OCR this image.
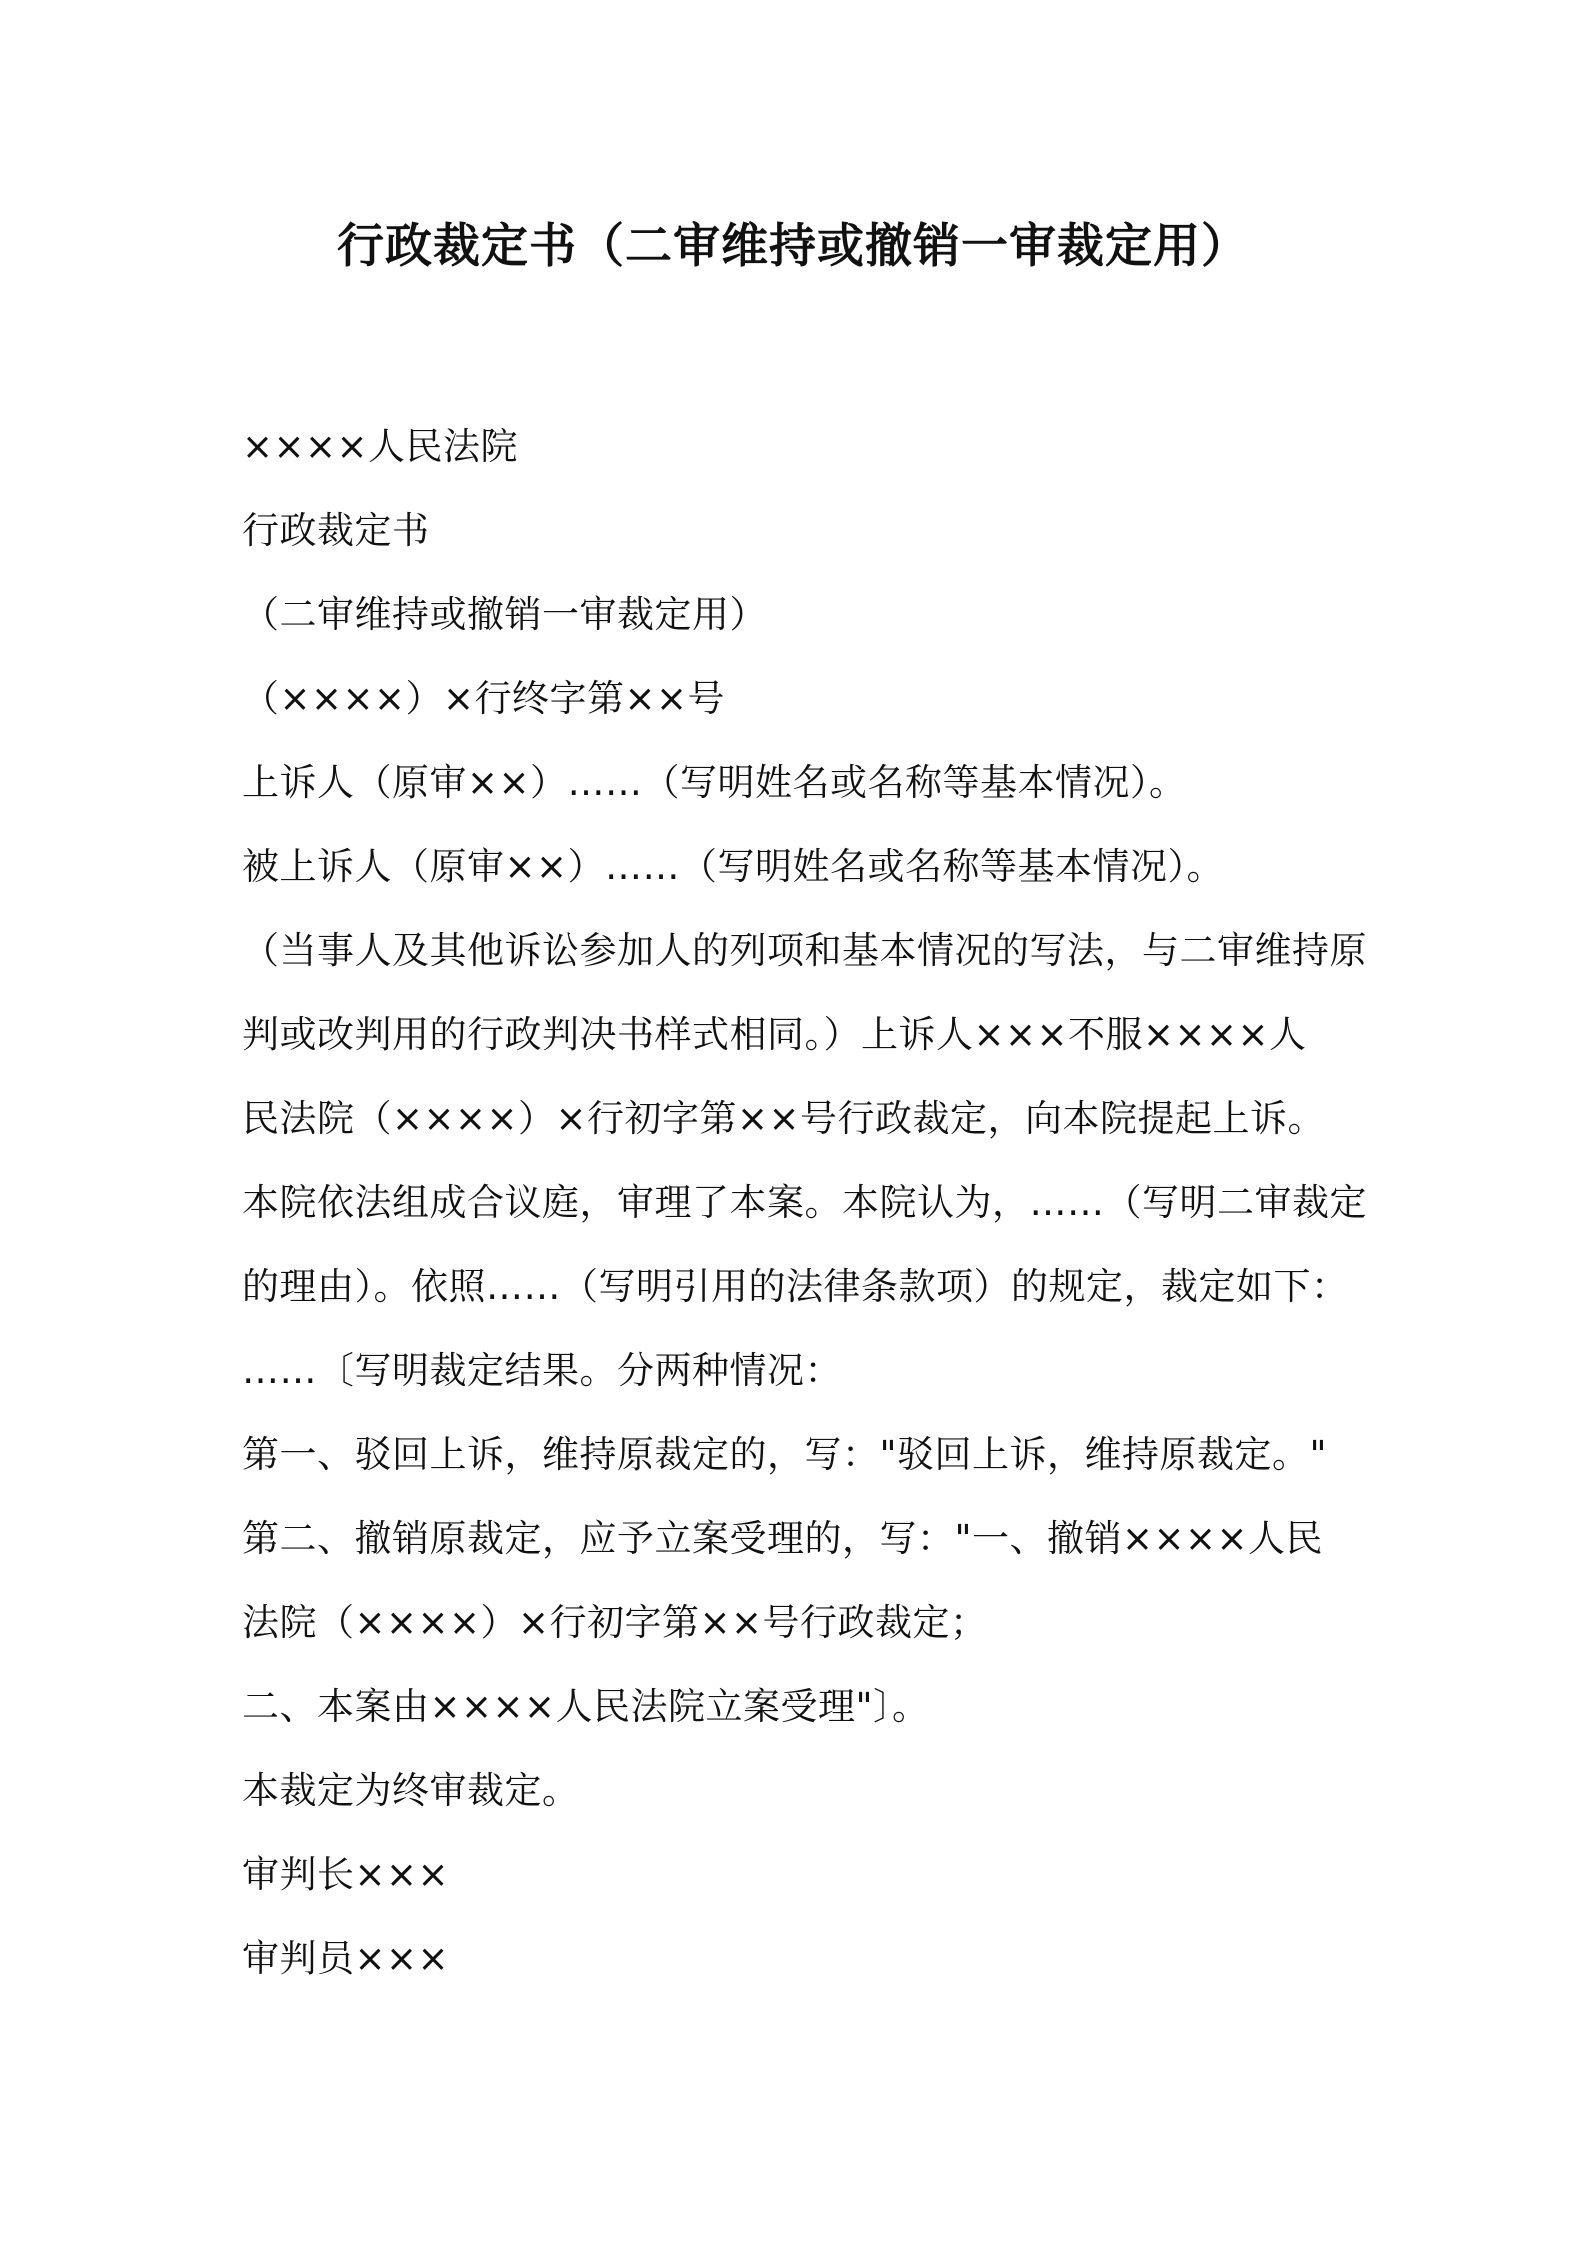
行政裁定书（二审维持或撤销一审裁定用）
××××人民法院
行政裁定书
（二审维持或撤销一审裁定用）
（××××）×行终字第××号
上诉人（原审××）……（写明姓名或名称等基本情况）。
被上诉人（原审××）……（写明姓名或名称等基本情况）。
（当事人及其他诉讼参加人的列项和基本情况的写法，与二审维持原
判或改判用的行政判决书样式相同。）上诉人×××不服××××人
民法院（××××）×行初字第××号行政裁定，向本院提起上诉。
本院依法组成合议庭，审理了本案。本院认为，……（写明二审裁定
的理由）。依照……（写明引用的法律条款项）的规定，裁定如下：
……〔写明裁定结果。分两种情况：
第一、驳回上诉，维持原裁定的，写："驳回上诉，维持原裁定。"
第二、撤销原裁定，应予立案受理的，写："一、撤销××××人民
法院（××××）×行初字第××号行政裁定；
二、本案由××××人民法院立案受理"〕。
本裁定为终审裁定。
审判长×××
审判员×××
